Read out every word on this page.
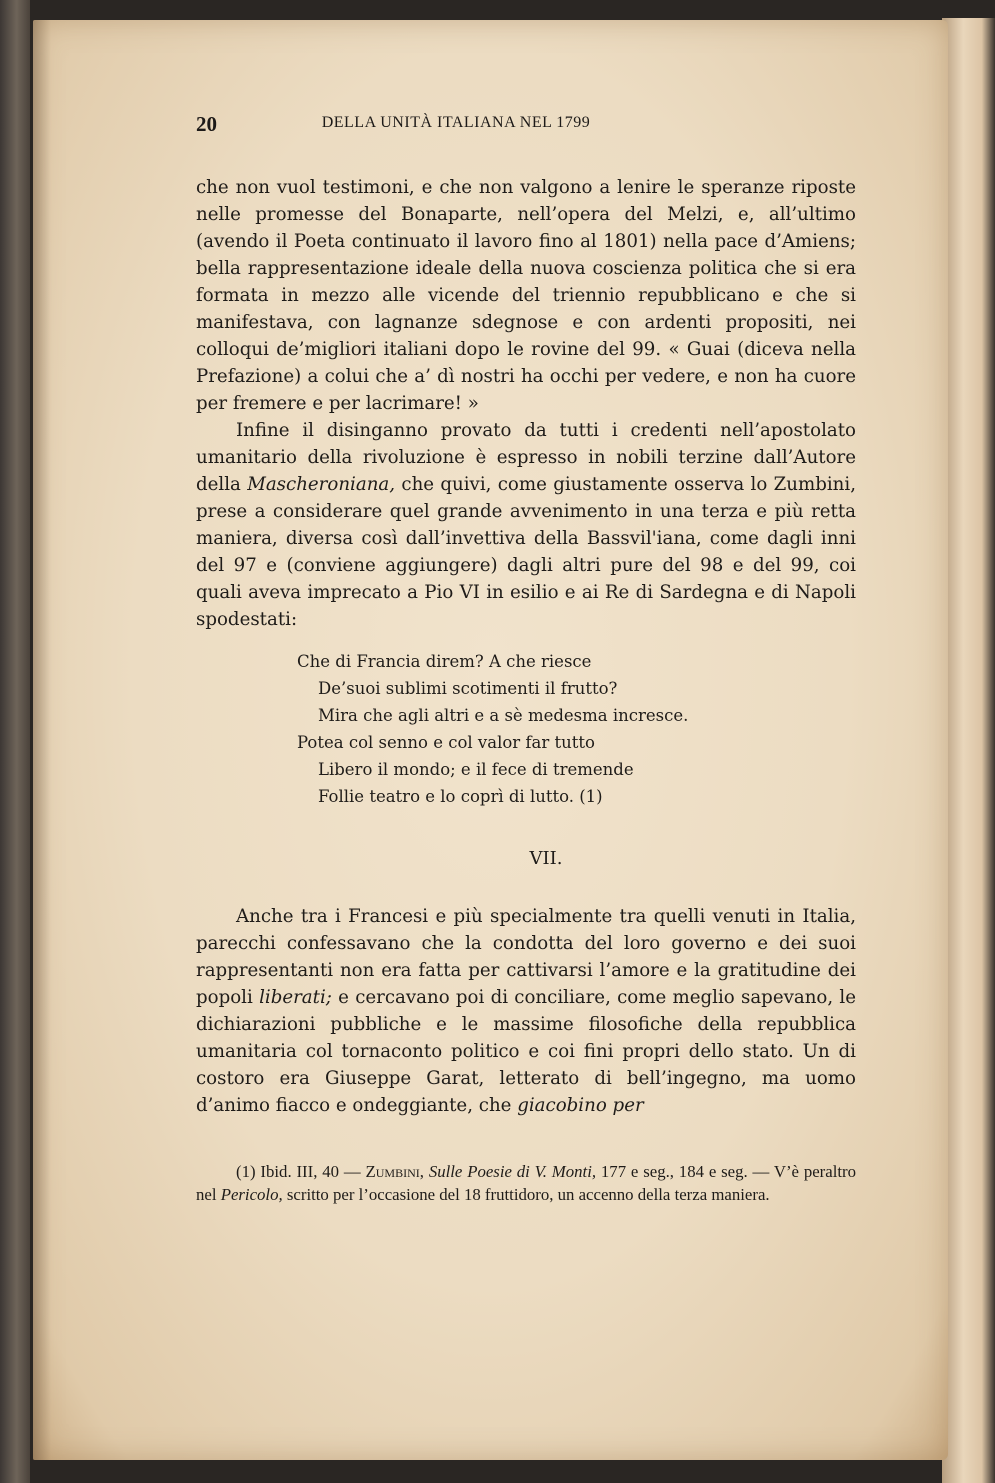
20	DELLA UNITÀ ITALIANA NEL 1799

che non vuol testimoni, e che non valgono a lenire le speranze riposte nelle promesse del Bonaparte, nell’opera del Melzi, e, all’ultimo (avendo il Poeta continuato il lavoro fino al 1801) nella pace d’Amiens; bella rappresentazione ideale della nuova coscienza politica che si era formata in mezzo alle vicende del triennio repubblicano e che si manifestava, con lagnanze sdegnose e con ardenti propositi, nei colloqui de’migliori italiani dopo le rovine del 99. « Guai (diceva nella Prefazione) a colui che a’ dì nostri ha occhi per vedere, e non ha cuore per fremere e per lacrimare! »

Infine il disinganno provato da tutti i credenti nell’apostolato umanitario della rivoluzione è espresso in nobili terzine dall’Autore della Mascheroniana, che quivi, come giustamente osserva lo Zumbini, prese a considerare quel grande avvenimento in una terza e più retta maniera, diversa così dall’invettiva della Bassvil'iana, come dagli inni del 97 e (conviene aggiungere) dagli altri pure del 98 e del 99, coi quali aveva imprecato a Pio VI in esilio e ai Re di Sardegna e di Napoli spodestati:

Che di Francia direm? A che riesce
De’suoi sublimi scotimenti il frutto?
Mira che agli altri e a sè medesma incresce.
Potea col senno e col valor far tutto
Libero il mondo; e il fece di tremende
Follie teatro e lo coprì di lutto. (1)
VII.

Anche tra i Francesi e più specialmente tra quelli venuti in Italia, parecchi confessavano che la condotta del loro governo e dei suoi rappresentanti non era fatta per cattivarsi l’amore e la gratitudine dei popoli liberati; e cercavano poi di conciliare, come meglio sapevano, le dichiarazioni pubbliche e le massime filosofiche della repubblica umanitaria col tornaconto politico e coi fini propri dello stato. Un di costoro era Giuseppe Garat, letterato di bell’ingegno, ma uomo d’animo fiacco e ondeggiante, che giacobino per

(1) Ibid. III, 40 — Zumbini, Sulle Poesie di V. Monti, 177 e seg., 184 e seg. — V’è peraltro nel Pericolo, scritto per l’occasione del 18 fruttidoro, un accenno della terza maniera.
